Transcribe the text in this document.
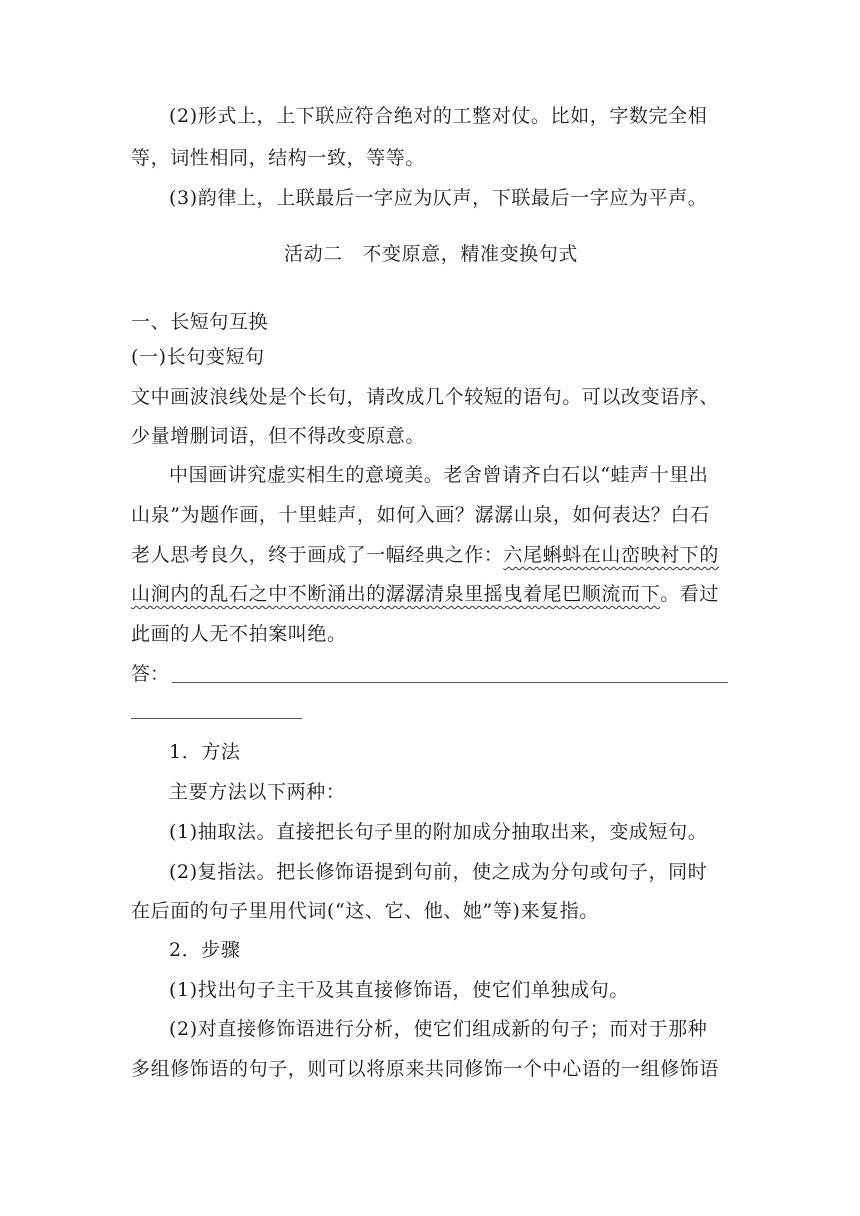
(2)形式上，上下联应符合绝对的工整对仗。比如，字数完全相
等，词性相同，结构一致，等等。
(3)韵律上，上联最后一字应为仄声，下联最后一字应为平声。
活动二　不变原意，精准变换句式
一、长短句互换
(一)长句变短句
文中画波浪线处是个长句，请改成几个较短的语句。可以改变语序、
少量增删词语，但不得改变原意。
中国画讲究虚实相生的意境美。老舍曾请齐白石以“蛙声十里出
山泉”为题作画，十里蛙声，如何入画？潺潺山泉，如何表达？白石
老人思考良久，终于画成了一幅经典之作：六尾蝌蚪在山峦映衬下的
山涧内的乱石之中不断涌出的潺潺清泉里摇曳着尾巴顺流而下。看过
此画的人无不拍案叫绝。
答：
1．方法
主要方法以下两种：
(1)抽取法。直接把长句子里的附加成分抽取出来，变成短句。
(2)复指法。把长修饰语提到句前，使之成为分句或句子，同时
在后面的句子里用代词(“这、它、他、她”等)来复指。
2．步骤
(1)找出句子主干及其直接修饰语，使它们单独成句。
(2)对直接修饰语进行分析，使它们组成新的句子；而对于那种
多组修饰语的句子，则可以将原来共同修饰一个中心语的一组修饰语
